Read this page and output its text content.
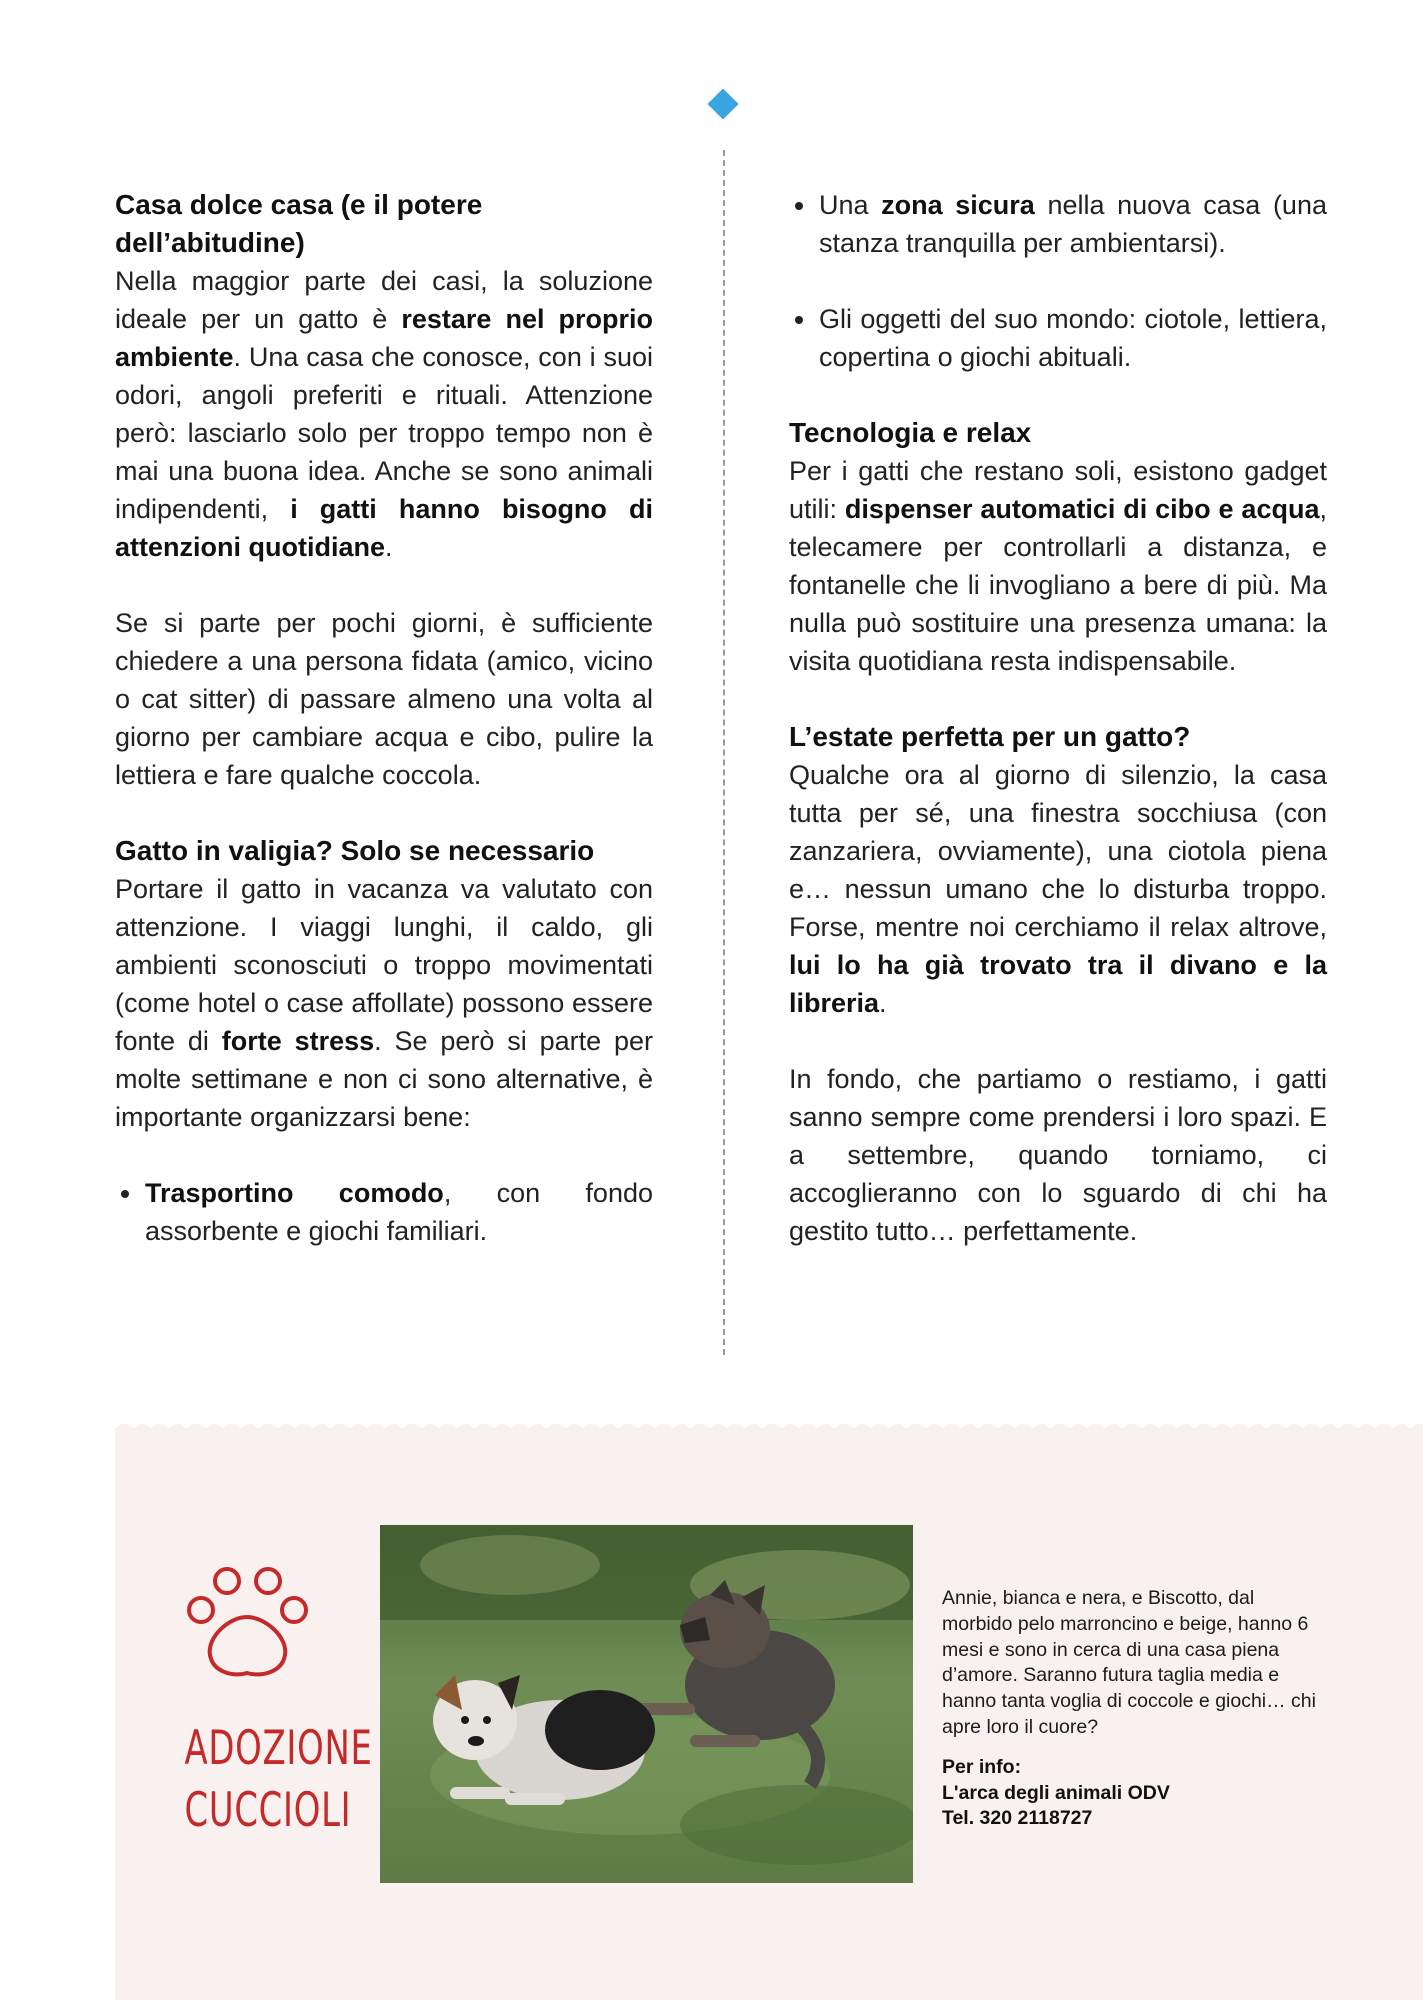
Casa dolce casa (e il potere dell’abitudine)

Nella maggior parte dei casi, la soluzione ideale per un gatto è restare nel proprio ambiente. Una casa che conosce, con i suoi odori, angoli preferiti e rituali. Attenzione però: lasciarlo solo per troppo tempo non è mai una buona idea. Anche se sono animali indipendenti, i gatti hanno bisogno di attenzioni quotidiane.

Se si parte per pochi giorni, è sufficiente chiedere a una persona fidata (amico, vicino o cat sitter) di passare almeno una volta al giorno per cambiare acqua e cibo, pulire la lettiera e fare qualche coccola.

Gatto in valigia? Solo se necessario

Portare il gatto in vacanza va valutato con attenzione. I viaggi lunghi, il caldo, gli ambienti sconosciuti o troppo movimentati (come hotel o case affollate) possono essere fonte di forte stress. Se però si parte per molte settimane e non ci sono alternative, è importante organizzarsi bene:

Trasportino comodo, con fondo assorbente e giochi familiari.
Una zona sicura nella nuova casa (una stanza tranquilla per ambientarsi).
Gli oggetti del suo mondo: ciotole, lettiera, copertina o giochi abituali.
Tecnologia e relax

Per i gatti che restano soli, esistono gadget utili: dispenser automatici di cibo e acqua, telecamere per controllarli a distanza, e fontanelle che li invogliano a bere di più. Ma nulla può sostituire una presenza umana: la visita quotidiana resta indispensabile.

L’estate perfetta per un gatto?

Qualche ora al giorno di silenzio, la casa tutta per sé, una finestra socchiusa (con zanzariera, ovviamente), una ciotola piena e… nessun umano che lo disturba troppo. Forse, mentre noi cerchiamo il relax altrove, lui lo ha già trovato tra il divano e la libreria.

In fondo, che partiamo o restiamo, i gatti sanno sempre come prendersi i loro spazi. E a settembre, quando torniamo, ci accoglieranno con lo sguardo di chi ha gestito tutto… perfettamente.

ADOZIONE
CUCCIOLI

Annie, bianca e nera, e Biscotto, dal morbido pelo marroncino e beige, hanno 6 mesi e sono in cerca di una casa piena d’amore. Saranno futura taglia media e hanno tanta voglia di coccole e giochi… chi apre loro il cuore?

Per info:
L'arca degli animali ODV
Tel. 320 2118727
